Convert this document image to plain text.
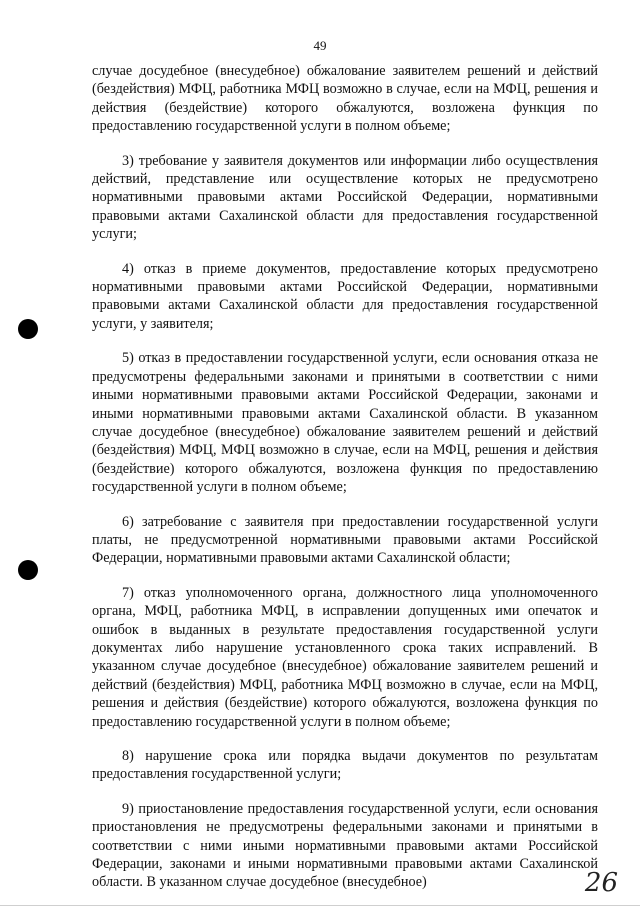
49

случае досудебное (внесудебное) обжалование заявителем решений и действий (бездействия) МФЦ, работника МФЦ возможно в случае, если на МФЦ, решения и действия (бездействие) которого обжалуются, возложена функция по предоставлению государственной услуги в полном объеме;

3) требование у заявителя документов или информации либо осуществления действий, представление или осуществление которых не предусмотрено нормативными правовыми актами Российской Федерации, нормативными правовыми актами Сахалинской области для предоставления государственной услуги;

4) отказ в приеме документов, предоставление которых предусмотрено нормативными правовыми актами Российской Федерации, нормативными правовыми актами Сахалинской области для предоставления государственной услуги, у заявителя;

5) отказ в предоставлении государственной услуги, если основания отказа не предусмотрены федеральными законами и принятыми в соответствии с ними иными нормативными правовыми актами Российской Федерации, законами и иными нормативными правовыми актами Сахалинской области. В указанном случае досудебное (внесудебное) обжалование заявителем решений и действий (бездействия) МФЦ, МФЦ возможно в случае, если на МФЦ, решения и действия (бездействие) которого обжалуются, возложена функция по предоставлению государственной услуги в полном объеме;

6) затребование с заявителя при предоставлении государственной услуги платы, не предусмотренной нормативными правовыми актами Российской Федерации, нормативными правовыми актами Сахалинской области;

7) отказ уполномоченного органа, должностного лица уполномоченного органа, МФЦ, работника МФЦ, в исправлении допущенных ими опечаток и ошибок в выданных в результате предоставления государственной услуги документах либо нарушение установленного срока таких исправлений. В указанном случае досудебное (внесудебное) обжалование заявителем решений и действий (бездействия) МФЦ, работника МФЦ возможно в случае, если на МФЦ, решения и действия (бездействие) которого обжалуются, возложена функция по предоставлению государственной услуги в полном объеме;

8) нарушение срока или порядка выдачи документов по результатам предоставления государственной услуги;

9) приостановление предоставления государственной услуги, если основания приостановления не предусмотрены федеральными законами и принятыми в соответствии с ними иными нормативными правовыми актами Российской Федерации, законами и иными нормативными правовыми актами Сахалинской области. В указанном случае досудебное (внесудебное)	26
